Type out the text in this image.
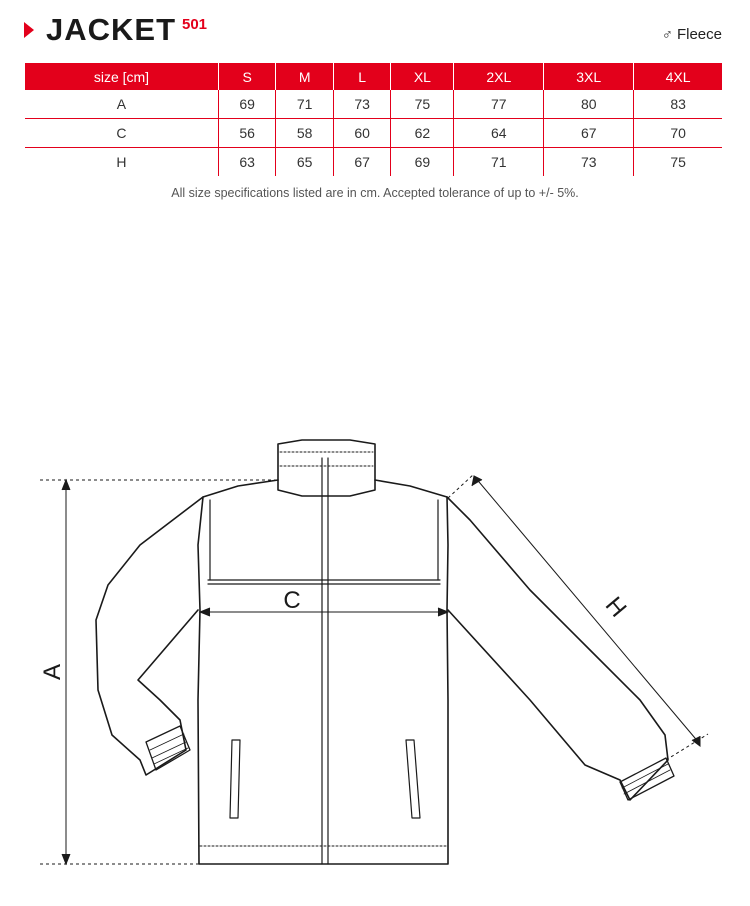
JACKET 501
♂ Fleece
size [cm]	S	M	L	XL	2XL	3XL	4XL
A	69	71	73	75	77	80	83
C	56	58	60	62	64	67	70
H	63	65	67	69	71	73	75
All size specifications listed are in cm. Accepted tolerance of up to +/- 5%.
A
C	H
